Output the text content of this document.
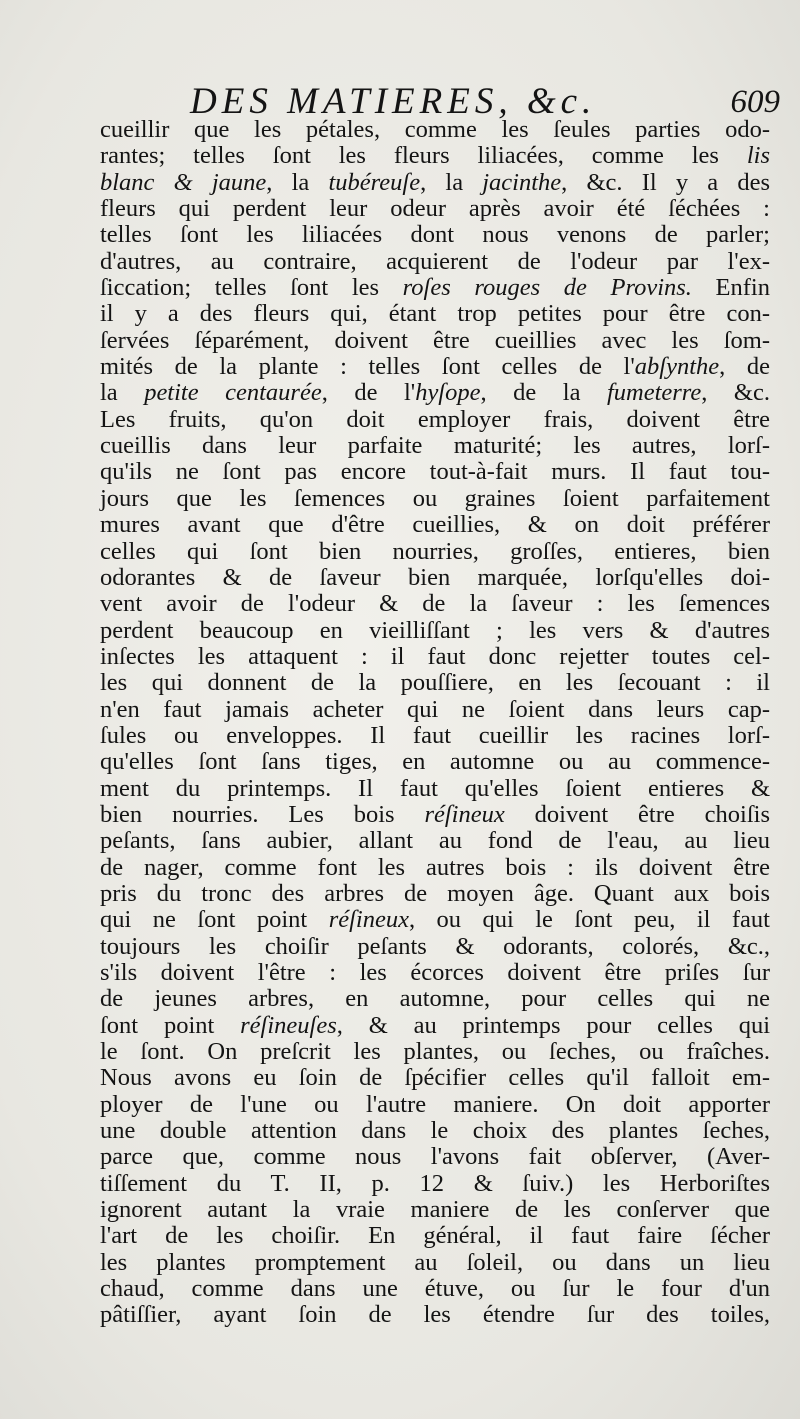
DES MATIERES, &c.	609
cueillir que les pétales, comme les ſeules parties odo-
rantes; telles ſont les fleurs liliacées, comme les lis
blanc & jaune, la tubéreuſe, la jacinthe, &c. Il y a des
fleurs qui perdent leur odeur après avoir été ſéchées :
telles ſont les liliacées dont nous venons de parler;
d'autres, au contraire, acquierent de l'odeur par l'ex-
ſiccation; telles ſont les roſes rouges de Provins. Enfin
il y a des fleurs qui, étant trop petites pour être con-
ſervées ſéparément, doivent être cueillies avec les ſom-
mités de la plante : telles ſont celles de l'abſynthe, de
la petite centaurée, de l'hyſope, de la fumeterre, &c.
Les fruits, qu'on doit employer frais, doivent être
cueillis dans leur parfaite maturité; les autres, lorſ-
qu'ils ne ſont pas encore tout-à-fait murs. Il faut tou-
jours que les ſemences ou graines ſoient parfaitement
mures avant que d'être cueillies, & on doit préférer
celles qui ſont bien nourries, groſſes, entieres, bien
odorantes & de ſaveur bien marquée, lorſqu'elles doi-
vent avoir de l'odeur & de la ſaveur : les ſemences
perdent beaucoup en vieilliſſant ; les vers & d'autres
inſectes les attaquent : il faut donc rejetter toutes cel-
les qui donnent de la pouſſiere, en les ſecouant : il
n'en faut jamais acheter qui ne ſoient dans leurs cap-
ſules ou enveloppes. Il faut cueillir les racines lorſ-
qu'elles ſont ſans tiges, en automne ou au commence-
ment du printemps. Il faut qu'elles ſoient entieres &
bien nourries. Les bois réſineux doivent être choiſis
peſants, ſans aubier, allant au fond de l'eau, au lieu
de nager, comme font les autres bois : ils doivent être
pris du tronc des arbres de moyen âge. Quant aux bois
qui ne ſont point réſineux, ou qui le ſont peu, il faut
toujours les choiſir peſants & odorants, colorés, &c.,
s'ils doivent l'être : les écorces doivent être priſes ſur
de jeunes arbres, en automne, pour celles qui ne
ſont point réſineuſes, & au printemps pour celles qui
le ſont. On preſcrit les plantes, ou ſeches, ou fraîches.
Nous avons eu ſoin de ſpécifier celles qu'il falloit em-
ployer de l'une ou l'autre maniere. On doit apporter
une double attention dans le choix des plantes ſeches,
parce que, comme nous l'avons fait obſerver, (Aver-
tiſſement du T. II, p. 12 & ſuiv.) les Herboriſtes
ignorent autant la vraie maniere de les conſerver que
l'art de les choiſir. En général, il faut faire ſécher
les plantes promptement au ſoleil, ou dans un lieu
chaud, comme dans une étuve, ou ſur le four d'un
pâtiſſier, ayant ſoin de les étendre ſur des toiles,
